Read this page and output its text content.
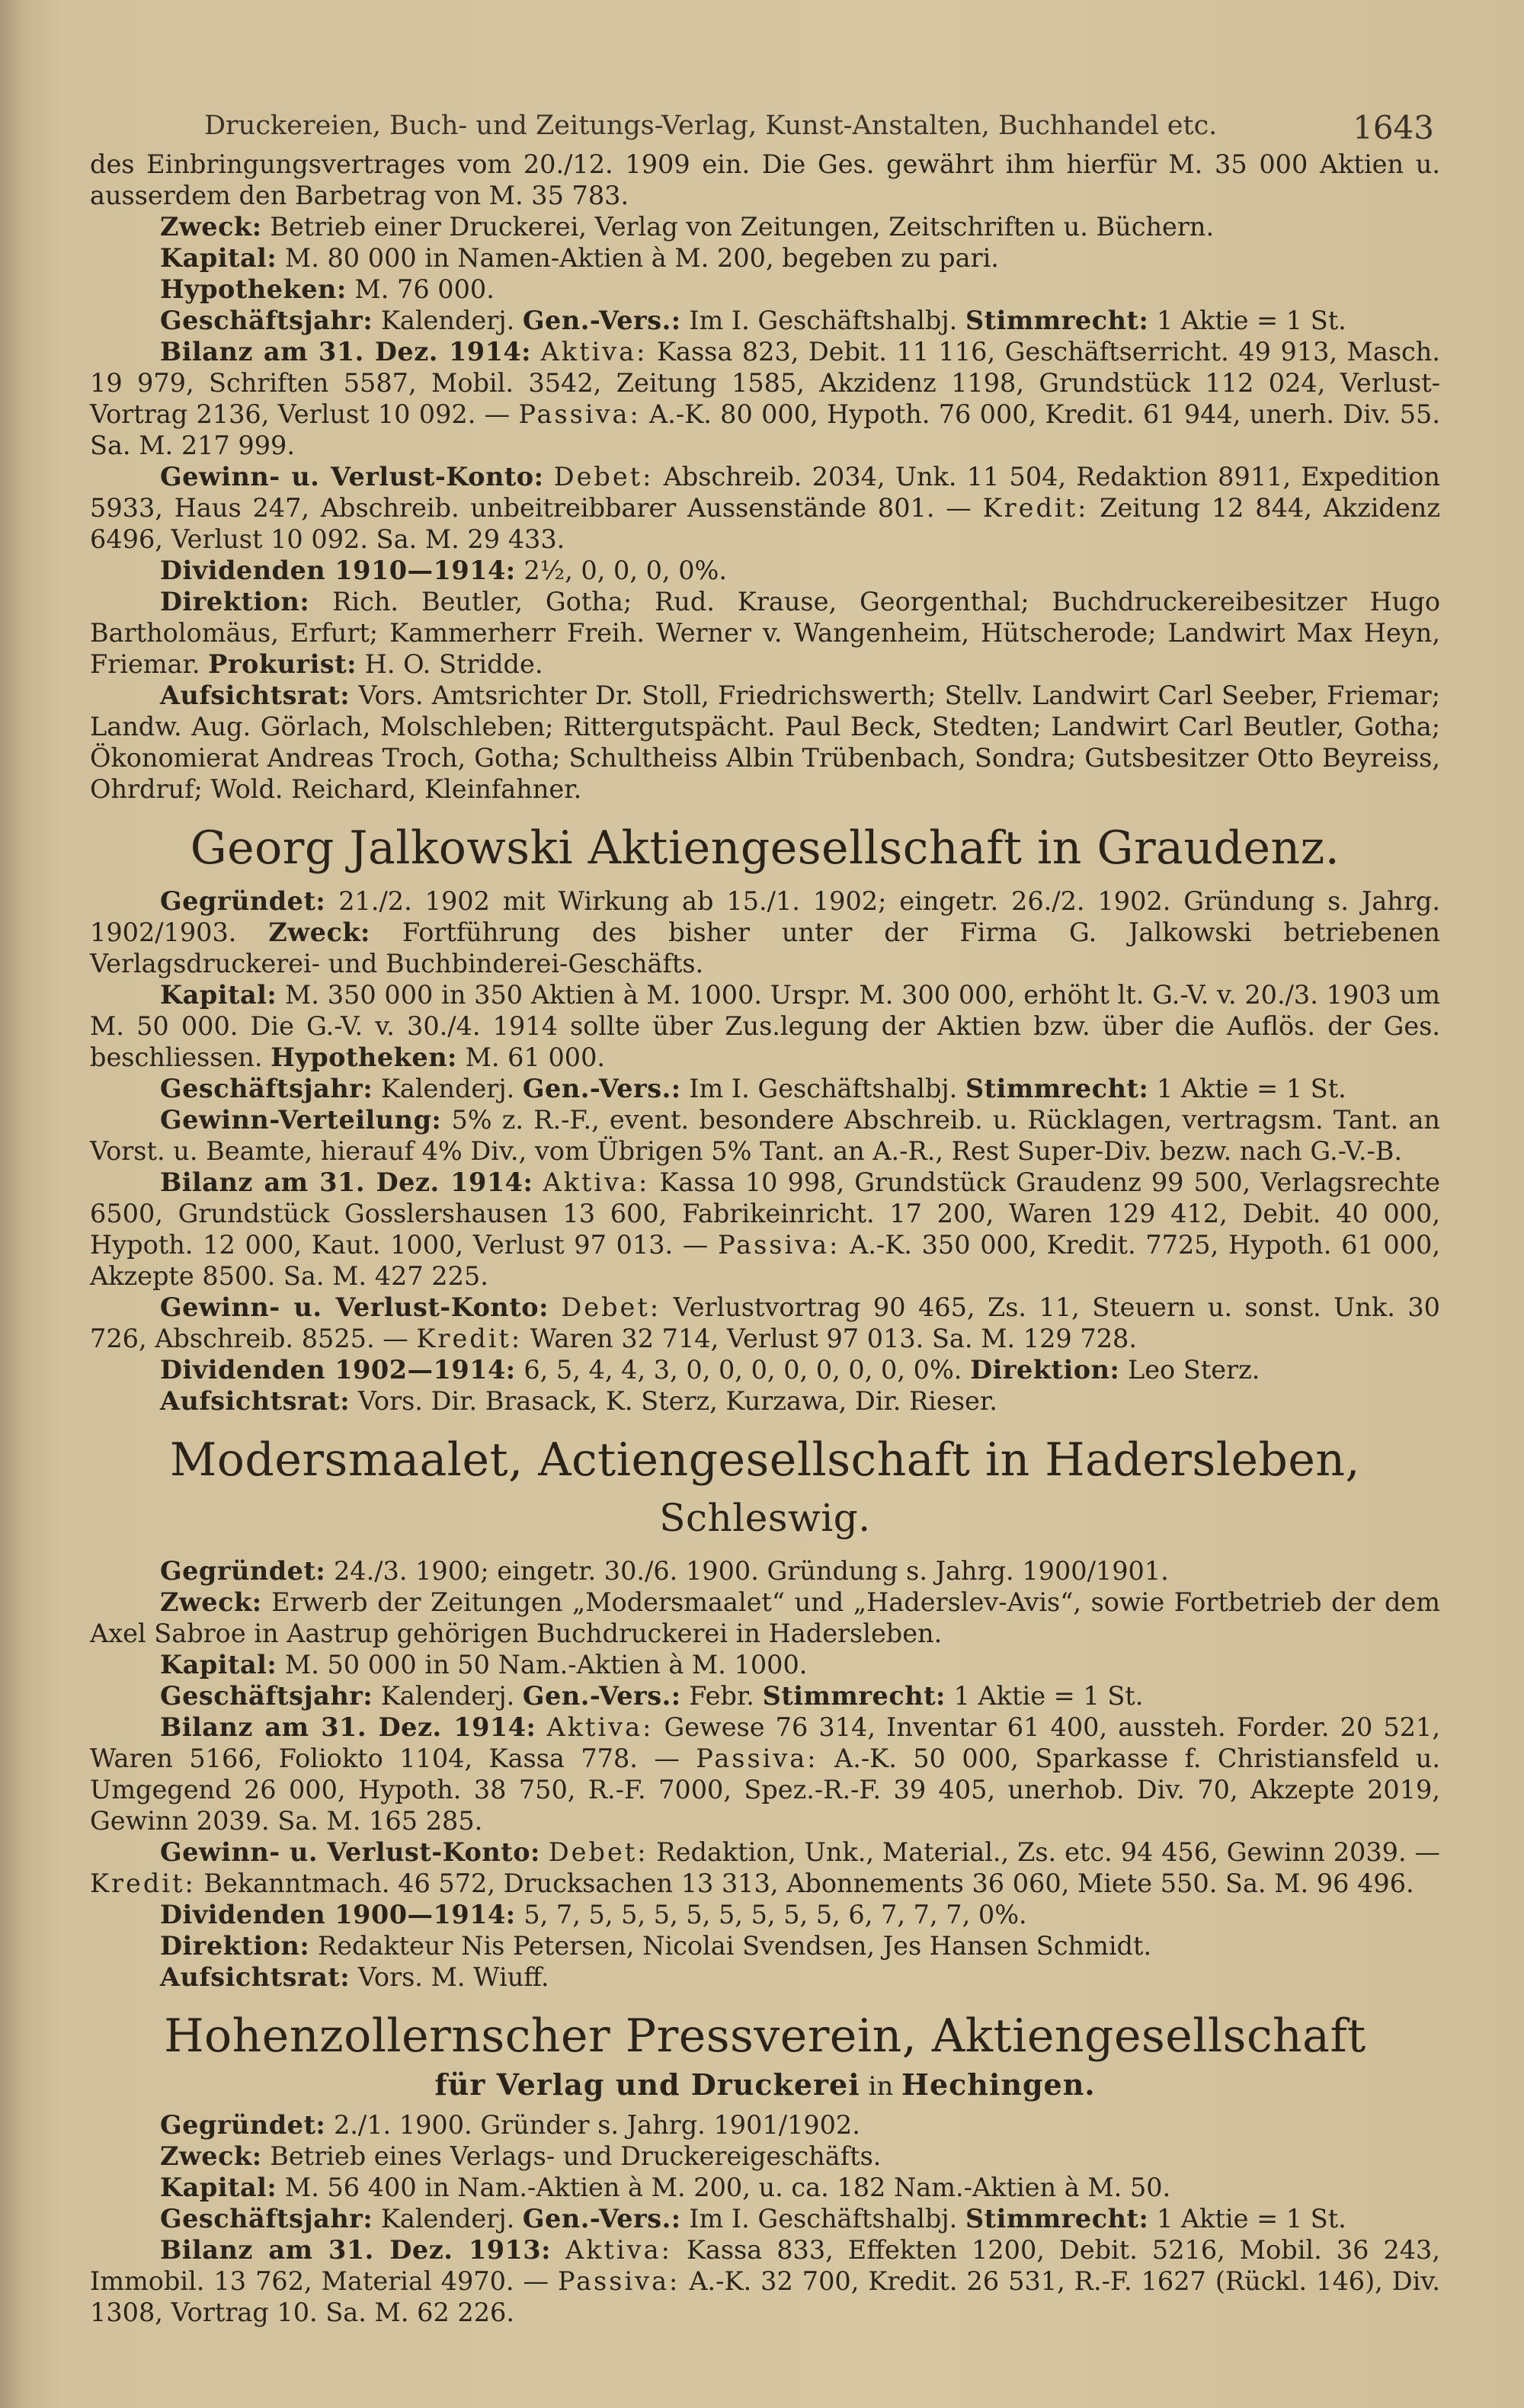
Druckereien, Buch- und Zeitungs-Verlag, Kunst-Anstalten, Buchhandel etc.	1643

des Einbringungsvertrages vom 20./12. 1909 ein. Die Ges. gewährt ihm hierfür M. 35 000 Aktien u. ausserdem den Barbetrag von M. 35 783.

Zweck: Betrieb einer Druckerei, Verlag von Zeitungen, Zeitschriften u. Büchern.

Kapital: M. 80 000 in Namen-Aktien à M. 200, begeben zu pari.

Hypotheken: M. 76 000.

Geschäftsjahr: Kalenderj. Gen.-Vers.: Im I. Geschäftshalbj. Stimmrecht: 1 Aktie = 1 St.

Bilanz am 31. Dez. 1914: Aktiva: Kassa 823, Debit. 11 116, Geschäftserricht. 49 913, Masch. 19 979, Schriften 5587, Mobil. 3542, Zeitung 1585, Akzidenz 1198, Grundstück 112 024, Verlust-Vortrag 2136, Verlust 10 092. — Passiva: A.-K. 80 000, Hypoth. 76 000, Kredit. 61 944, unerh. Div. 55. Sa. M. 217 999.

Gewinn- u. Verlust-Konto: Debet: Abschreib. 2034, Unk. 11 504, Redaktion 8911, Expedition 5933, Haus 247, Abschreib. unbeitreibbarer Aussenstände 801. — Kredit: Zeitung 12 844, Akzidenz 6496, Verlust 10 092. Sa. M. 29 433.

Dividenden 1910—1914: 2½, 0, 0, 0, 0%.

Direktion: Rich. Beutler, Gotha; Rud. Krause, Georgenthal; Buchdruckereibesitzer Hugo Bartholomäus, Erfurt; Kammerherr Freih. Werner v. Wangenheim, Hütscherode; Landwirt Max Heyn, Friemar. Prokurist: H. O. Stridde.

Aufsichtsrat: Vors. Amtsrichter Dr. Stoll, Friedrichswerth; Stellv. Landwirt Carl Seeber, Friemar; Landw. Aug. Görlach, Molschleben; Rittergutspächt. Paul Beck, Stedten; Landwirt Carl Beutler, Gotha; Ökonomierat Andreas Troch, Gotha; Schultheiss Albin Trübenbach, Sondra; Gutsbesitzer Otto Beyreiss, Ohrdruf; Wold. Reichard, Kleinfahner.

Georg Jalkowski Aktiengesellschaft in Graudenz.

Gegründet: 21./2. 1902 mit Wirkung ab 15./1. 1902; eingetr. 26./2. 1902. Gründung s. Jahrg. 1902/1903. Zweck: Fortführung des bisher unter der Firma G. Jalkowski betriebenen Verlagsdruckerei- und Buchbinderei-Geschäfts.

Kapital: M. 350 000 in 350 Aktien à M. 1000. Urspr. M. 300 000, erhöht lt. G.-V. v. 20./3. 1903 um M. 50 000. Die G.-V. v. 30./4. 1914 sollte über Zus.legung der Aktien bzw. über die Auflös. der Ges. beschliessen. Hypotheken: M. 61 000.

Geschäftsjahr: Kalenderj. Gen.-Vers.: Im I. Geschäftshalbj. Stimmrecht: 1 Aktie = 1 St.

Gewinn-Verteilung: 5% z. R.-F., event. besondere Abschreib. u. Rücklagen, vertragsm. Tant. an Vorst. u. Beamte, hierauf 4% Div., vom Übrigen 5% Tant. an A.-R., Rest Super-Div. bezw. nach G.-V.-B.

Bilanz am 31. Dez. 1914: Aktiva: Kassa 10 998, Grundstück Graudenz 99 500, Verlagsrechte 6500, Grundstück Gosslershausen 13 600, Fabrikeinricht. 17 200, Waren 129 412, Debit. 40 000, Hypoth. 12 000, Kaut. 1000, Verlust 97 013. — Passiva: A.-K. 350 000, Kredit. 7725, Hypoth. 61 000, Akzepte 8500. Sa. M. 427 225.

Gewinn- u. Verlust-Konto: Debet: Verlustvortrag 90 465, Zs. 11, Steuern u. sonst. Unk. 30 726, Abschreib. 8525. — Kredit: Waren 32 714, Verlust 97 013. Sa. M. 129 728.

Dividenden 1902—1914: 6, 5, 4, 4, 3, 0, 0, 0, 0, 0, 0, 0, 0%. Direktion: Leo Sterz.

Aufsichtsrat: Vors. Dir. Brasack, K. Sterz, Kurzawa, Dir. Rieser.

Modersmaalet, Actiengesellschaft in Hadersleben, Schleswig.

Gegründet: 24./3. 1900; eingetr. 30./6. 1900. Gründung s. Jahrg. 1900/1901.

Zweck: Erwerb der Zeitungen „Modersmaalet“ und „Haderslev-Avis“, sowie Fortbetrieb der dem Axel Sabroe in Aastrup gehörigen Buchdruckerei in Hadersleben.

Kapital: M. 50 000 in 50 Nam.-Aktien à M. 1000.

Geschäftsjahr: Kalenderj. Gen.-Vers.: Febr. Stimmrecht: 1 Aktie = 1 St.

Bilanz am 31. Dez. 1914: Aktiva: Gewese 76 314, Inventar 61 400, aussteh. Forder. 20 521, Waren 5166, Foliokto 1104, Kassa 778. — Passiva: A.-K. 50 000, Sparkasse f. Christiansfeld u. Umgegend 26 000, Hypoth. 38 750, R.-F. 7000, Spez.-R.-F. 39 405, unerhob. Div. 70, Akzepte 2019, Gewinn 2039. Sa. M. 165 285.

Gewinn- u. Verlust-Konto: Debet: Redaktion, Unk., Material., Zs. etc. 94 456, Gewinn 2039. — Kredit: Bekanntmach. 46 572, Drucksachen 13 313, Abonnements 36 060, Miete 550. Sa. M. 96 496.

Dividenden 1900—1914: 5, 7, 5, 5, 5, 5, 5, 5, 5, 5, 6, 7, 7, 7, 0%.

Direktion: Redakteur Nis Petersen, Nicolai Svendsen, Jes Hansen Schmidt.

Aufsichtsrat: Vors. M. Wiuff.

Hohenzollernscher Pressverein, Aktiengesellschaft
für Verlag und Druckerei in Hechingen.

Gegründet: 2./1. 1900. Gründer s. Jahrg. 1901/1902.

Zweck: Betrieb eines Verlags- und Druckereigeschäfts.

Kapital: M. 56 400 in Nam.-Aktien à M. 200, u. ca. 182 Nam.-Aktien à M. 50.

Geschäftsjahr: Kalenderj. Gen.-Vers.: Im I. Geschäftshalbj. Stimmrecht: 1 Aktie = 1 St.

Bilanz am 31. Dez. 1913: Aktiva: Kassa 833, Effekten 1200, Debit. 5216, Mobil. 36 243, Immobil. 13 762, Material 4970. — Passiva: A.-K. 32 700, Kredit. 26 531, R.-F. 1627 (Rückl. 146), Div. 1308, Vortrag 10. Sa. M. 62 226.
